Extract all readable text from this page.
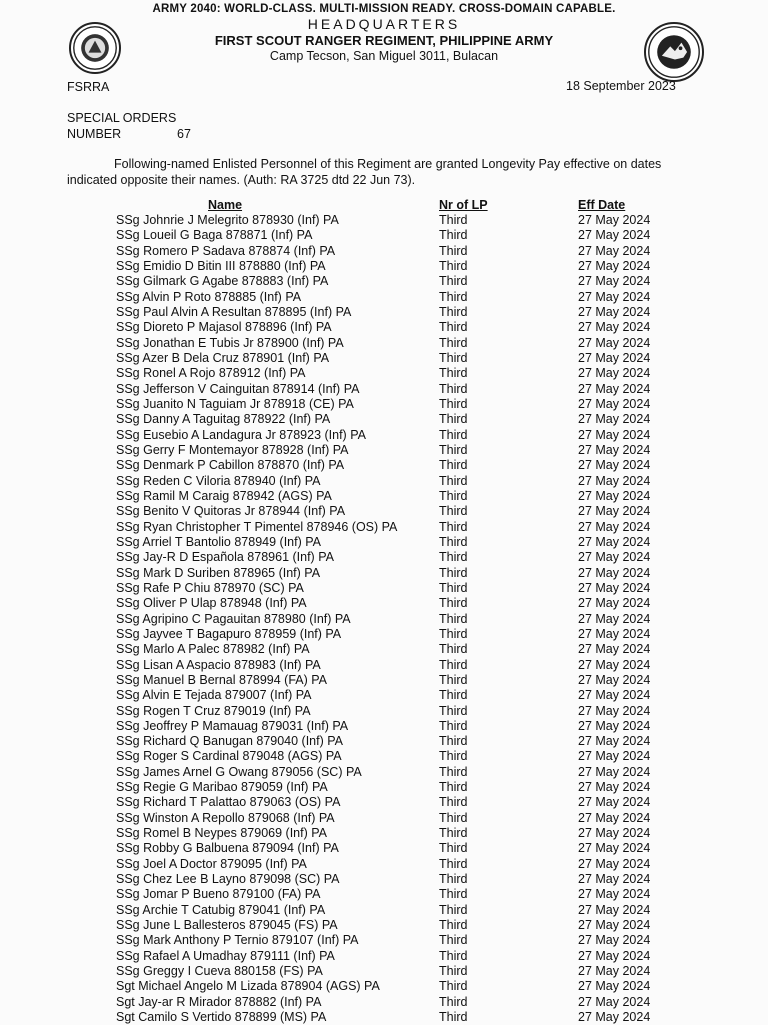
ARMY 2040: WORLD-CLASS. MULTI-MISSION READY. CROSS-DOMAIN CAPABLE.
HEADQUARTERS
FIRST SCOUT RANGER REGIMENT, PHILIPPINE ARMY
Camp Tecson, San Miguel 3011, Bulacan
FSRRA	18 September 2023
SPECIAL ORDERS
NUMBER	67
Following-named Enlisted Personnel of this Regiment are granted Longevity Pay effective on dates indicated opposite their names. (Auth: RA 3725 dtd 22 Jun 73).
Name	Nr of LP	Eff Date
SSg Johnrie J Melegrito 878930 (Inf) PA	Third	27 May 2024
SSg Loueil G Baga 878871 (Inf) PA	Third	27 May 2024
SSg Romero P Sadava 878874 (Inf) PA	Third	27 May 2024
SSg Emidio D Bitin III 878880 (Inf) PA	Third	27 May 2024
SSg Gilmark G Agabe 878883 (Inf) PA	Third	27 May 2024
SSg Alvin P Roto 878885 (Inf) PA	Third	27 May 2024
SSg Paul Alvin A Resultan 878895 (Inf) PA	Third	27 May 2024
SSg Dioreto P Majasol 878896 (Inf) PA	Third	27 May 2024
SSg Jonathan E Tubis Jr 878900 (Inf) PA	Third	27 May 2024
SSg Azer B Dela Cruz 878901 (Inf) PA	Third	27 May 2024
SSg Ronel A Rojo 878912 (Inf) PA	Third	27 May 2024
SSg Jefferson V Cainguitan 878914 (Inf) PA	Third	27 May 2024
SSg Juanito N Taguiam Jr 878918 (CE) PA	Third	27 May 2024
SSg Danny A Taguitag 878922 (Inf) PA	Third	27 May 2024
SSg Eusebio A Landagura Jr 878923 (Inf) PA	Third	27 May 2024
SSg Gerry F Montemayor 878928 (Inf) PA	Third	27 May 2024
SSg Denmark P Cabillon 878870 (Inf) PA	Third	27 May 2024
SSg Reden C Viloria 878940 (Inf) PA	Third	27 May 2024
SSg Ramil M Caraig 878942 (AGS) PA	Third	27 May 2024
SSg Benito V Quitoras Jr 878944 (Inf) PA	Third	27 May 2024
SSg Ryan Christopher T Pimentel 878946 (OS) PA	Third	27 May 2024
SSg Arriel T Bantolio 878949 (Inf) PA	Third	27 May 2024
SSg Jay-R D Española 878961 (Inf) PA	Third	27 May 2024
SSg Mark D Suriben 878965 (Inf) PA	Third	27 May 2024
SSg Rafe P Chiu 878970 (SC) PA	Third	27 May 2024
SSg Oliver P Ulap 878948 (Inf) PA	Third	27 May 2024
SSg Agripino C Pagauitan 878980 (Inf) PA	Third	27 May 2024
SSg Jayvee T Bagapuro 878959 (Inf) PA	Third	27 May 2024
SSg Marlo A Palec 878982 (Inf) PA	Third	27 May 2024
SSg Lisan A Aspacio 878983 (Inf) PA	Third	27 May 2024
SSg Manuel B Bernal 878994 (FA) PA	Third	27 May 2024
SSg Alvin E Tejada 879007 (Inf) PA	Third	27 May 2024
SSg Rogen T Cruz 879019 (Inf) PA	Third	27 May 2024
SSg Jeoffrey P Mamauag 879031 (Inf) PA	Third	27 May 2024
SSg Richard Q Banugan 879040 (Inf) PA	Third	27 May 2024
SSg Roger S Cardinal 879048 (AGS) PA	Third	27 May 2024
SSg James Arnel G Owang 879056 (SC) PA	Third	27 May 2024
SSg Regie G Maribao 879059 (Inf) PA	Third	27 May 2024
SSg Richard T Palattao 879063 (OS) PA	Third	27 May 2024
SSg Winston A Repollo 879068 (Inf) PA	Third	27 May 2024
SSg Romel B Neypes 879069 (Inf) PA	Third	27 May 2024
SSg Robby G Balbuena 879094 (Inf) PA	Third	27 May 2024
SSg Joel A Doctor 879095 (Inf) PA	Third	27 May 2024
SSg Chez Lee B Layno 879098 (SC) PA	Third	27 May 2024
SSg Jomar P Bueno 879100 (FA) PA	Third	27 May 2024
SSg Archie T Catubig 879041 (Inf) PA	Third	27 May 2024
SSg June L Ballesteros 879045 (FS) PA	Third	27 May 2024
SSg Mark Anthony P Ternio 879107 (Inf) PA	Third	27 May 2024
SSg Rafael A Umadhay 879111 (Inf) PA	Third	27 May 2024
SSg Greggy I Cueva 880158 (FS) PA	Third	27 May 2024
Sgt Michael Angelo M Lizada 878904 (AGS) PA	Third	27 May 2024
Sgt Jay-ar R Mirador 878882 (Inf) PA	Third	27 May 2024
Sgt Camilo S Vertido 878899 (MS) PA	Third	27 May 2024
